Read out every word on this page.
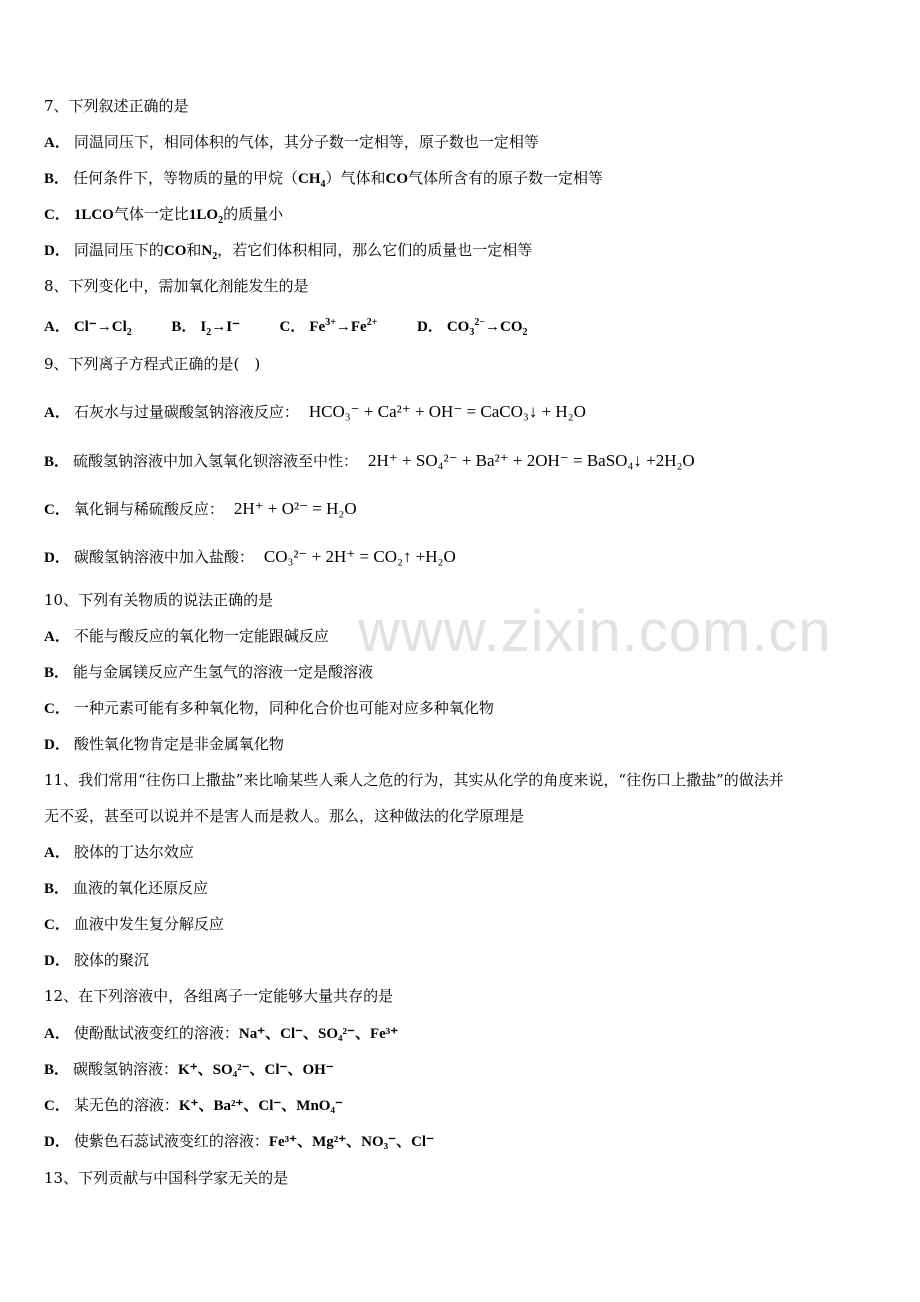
www.zixin.com.cn
7、下列叙述正确的是
A． 同温同压下，相同体积的气体，其分子数一定相等，原子数也一定相等
B． 任何条件下，等物质的量的甲烷$(CH_4)$气体和CO气体所含有的原子数一定相等
C． 1LCO气体一定比$1LO_2$的质量小
D． 同温同压下的CO和$N_2$，若它们体积相同，那么它们的质量也一定相等
8、下列变化中，需加氧化剂能发生的是
A． $Cl^-\to Cl_2$	B． $I_2\to I^-$	C． $Fe^{3+}\to Fe^{2+}$	D． $CO_3^{2-}\to CO_2$
9、下列离子方程式正确的是(　)
A． 石灰水与过量碳酸氢钠溶液反应： HCO₃⁻ + Ca²⁺ + OH⁻ = CaCO₃↓ + H₂O
B． 硫酸氢钠溶液中加入氢氧化钡溶液至中性： 2H⁺ + SO₄²⁻ + Ba²⁺ + 2OH⁻ = BaSO₄↓ +2H₂O
C． 氧化铜与稀硫酸反应： 2H⁺ + O²⁻ = H₂O
D． 碳酸氢钠溶液中加入盐酸： CO₃²⁻ + 2H⁺ = CO₂↑ +H₂O
10、下列有关物质的说法正确的是
A． 不能与酸反应的氧化物一定能跟碱反应
B． 能与金属镁反应产生氢气的溶液一定是酸溶液
C． 一种元素可能有多种氧化物，同种化合价也可能对应多种氧化物
D． 酸性氧化物肯定是非金属氧化物
11、我们常用“往伤口上撒盐”来比喻某些人乘人之危的行为，其实从化学的角度来说，“往伤口上撒盐”的做法并
无不妥，甚至可以说并不是害人而是救人。那么，这种做法的化学原理是
A． 胶体的丁达尔效应
B． 血液的氧化还原反应
C． 血液中发生复分解反应
D． 胶体的聚沉
12、在下列溶液中，各组离子一定能够大量共存的是
A． 使酚酞试液变红的溶液：Na⁺、Cl⁻、SO₄²⁻、Fe³⁺
B． 碳酸氢钠溶液：K⁺、SO₄²⁻、Cl⁻、OH⁻
C． 某无色的溶液：K⁺、Ba²⁺、Cl⁻、MnO₄⁻
D． 使紫色石蕊试液变红的溶液：Fe³⁺、Mg²⁺、NO₃⁻、Cl⁻
13、下列贡献与中国科学家无关的是
